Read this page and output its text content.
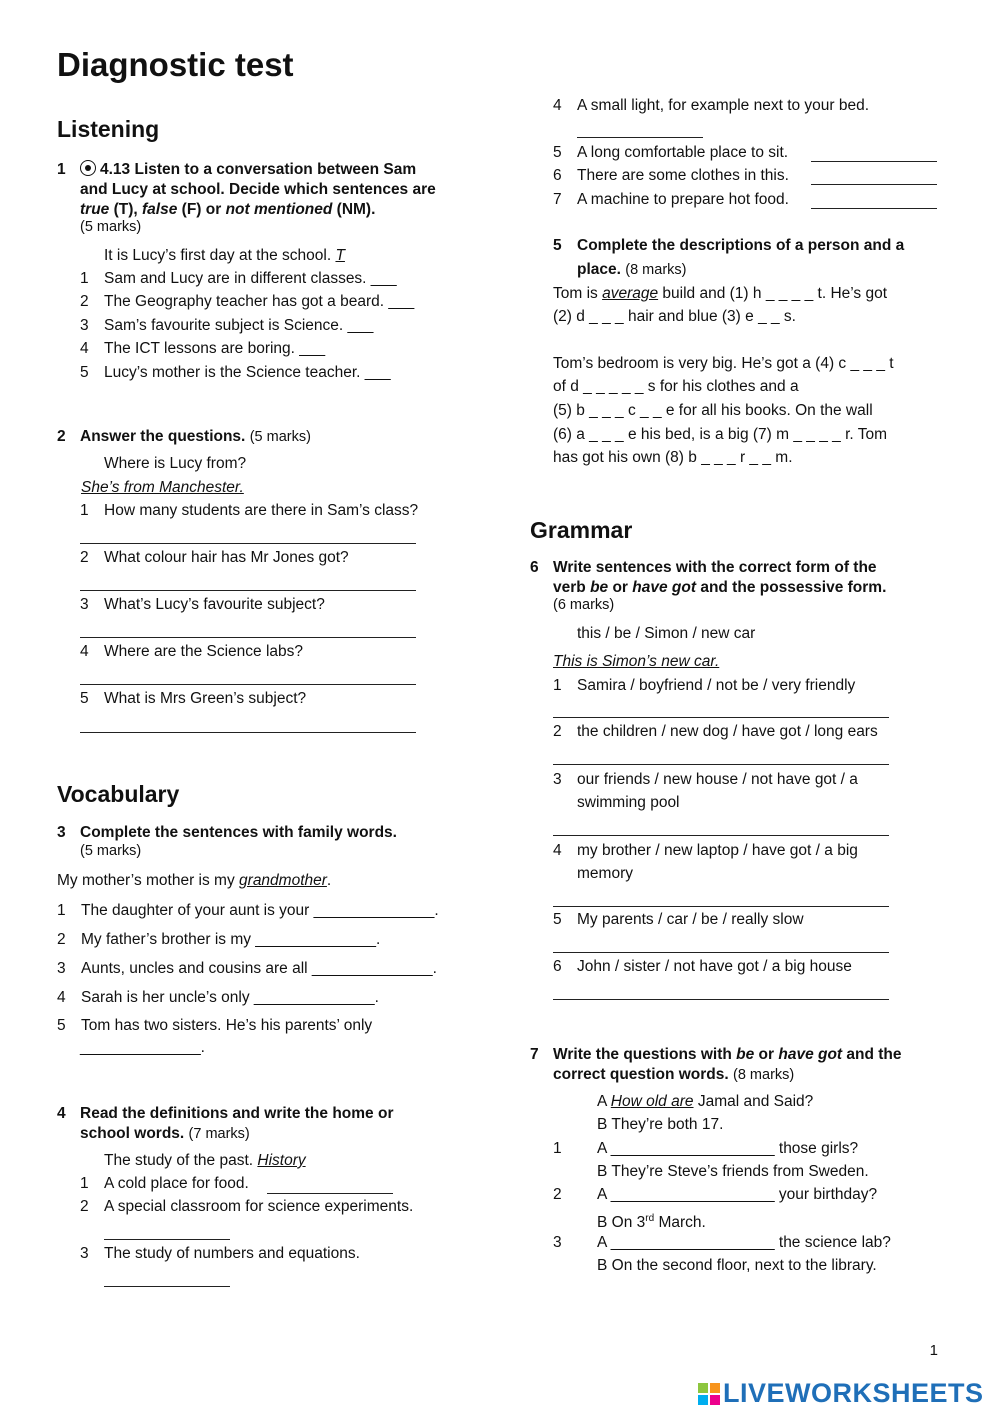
Diagnostic test
Listening
1	4.13 Listen to a conversation between Sam
and Lucy at school. Decide which sentences are
true (T), false (F) or not mentioned (NM).
(5 marks)
It is Lucy’s first day at the school. T
1 Sam and Lucy are in different classes. ___
2 The Geography teacher has got a beard. ___
3 Sam’s favourite subject is Science. ___
4 The ICT lessons are boring. ___
5 Lucy’s mother is the Science teacher. ___
2 Answer the questions. (5 marks)
Where is Lucy from?
She’s from Manchester.
1 How many students are there in Sam’s class?
2 What colour hair has Mr Jones got?
3 What’s Lucy’s favourite subject?
4 Where are the Science labs?
5 What is Mrs Green’s subject?
Vocabulary
3 Complete the sentences with family words.
(5 marks)
My mother’s mother is my grandmother.
1 The daughter of your aunt is your ______________.
2 My father’s brother is my ______________.
3 Aunts, uncles and cousins are all ______________.
4 Sarah is her uncle’s only ______________.
5 Tom has two sisters. He’s his parents’ only
______________.
4 Read the definitions and write the home or
school words. (7 marks)
The study of the past. History
1 A cold place for food.
2 A special classroom for science experiments.
3 The study of numbers and equations.
4 A small light, for example next to your bed.
5 A long comfortable place to sit.
6 There are some clothes in this.
7 A machine to prepare hot food.
5 Complete the descriptions of a person and a
place. (8 marks)
Tom is average build and (1) h _ _ _ _ t. He’s got
(2) d _ _ _ hair and blue (3) e _ _ s.
Tom’s bedroom is very big. He’s got a (4) c _ _ _ t
of d _ _ _ _ _ s for his clothes and a
(5) b _ _ _ c _ _ e for all his books. On the wall
(6) a _ _ _ e his bed, is a big (7) m _ _ _ _ r. Tom
has got his own (8) b _ _ _ r _ _ m.
Grammar
6 Write sentences with the correct form of the
verb be or have got and the possessive form.
(6 marks)
this / be / Simon / new car
This is Simon’s new car.
1 Samira / boyfriend / not be / very friendly
2 the children / new dog / have got / long ears
3 our friends / new house / not have got / a
swimming pool
4 my brother / new laptop / have got / a big
memory
5 My parents / car / be / really slow
6 John / sister / not have got / a big house
7 Write the questions with be or have got and the
correct question words. (8 marks)
A How old are Jamal and Said?
B They’re both 17.
1 A ___________________ those girls?
B They’re Steve’s friends from Sweden.
2 A ___________________ your birthday?
B On 3rd March.
3 A ___________________ the science lab?
B On the second floor, next to the library.
1
LIVEWORKSHEETS
